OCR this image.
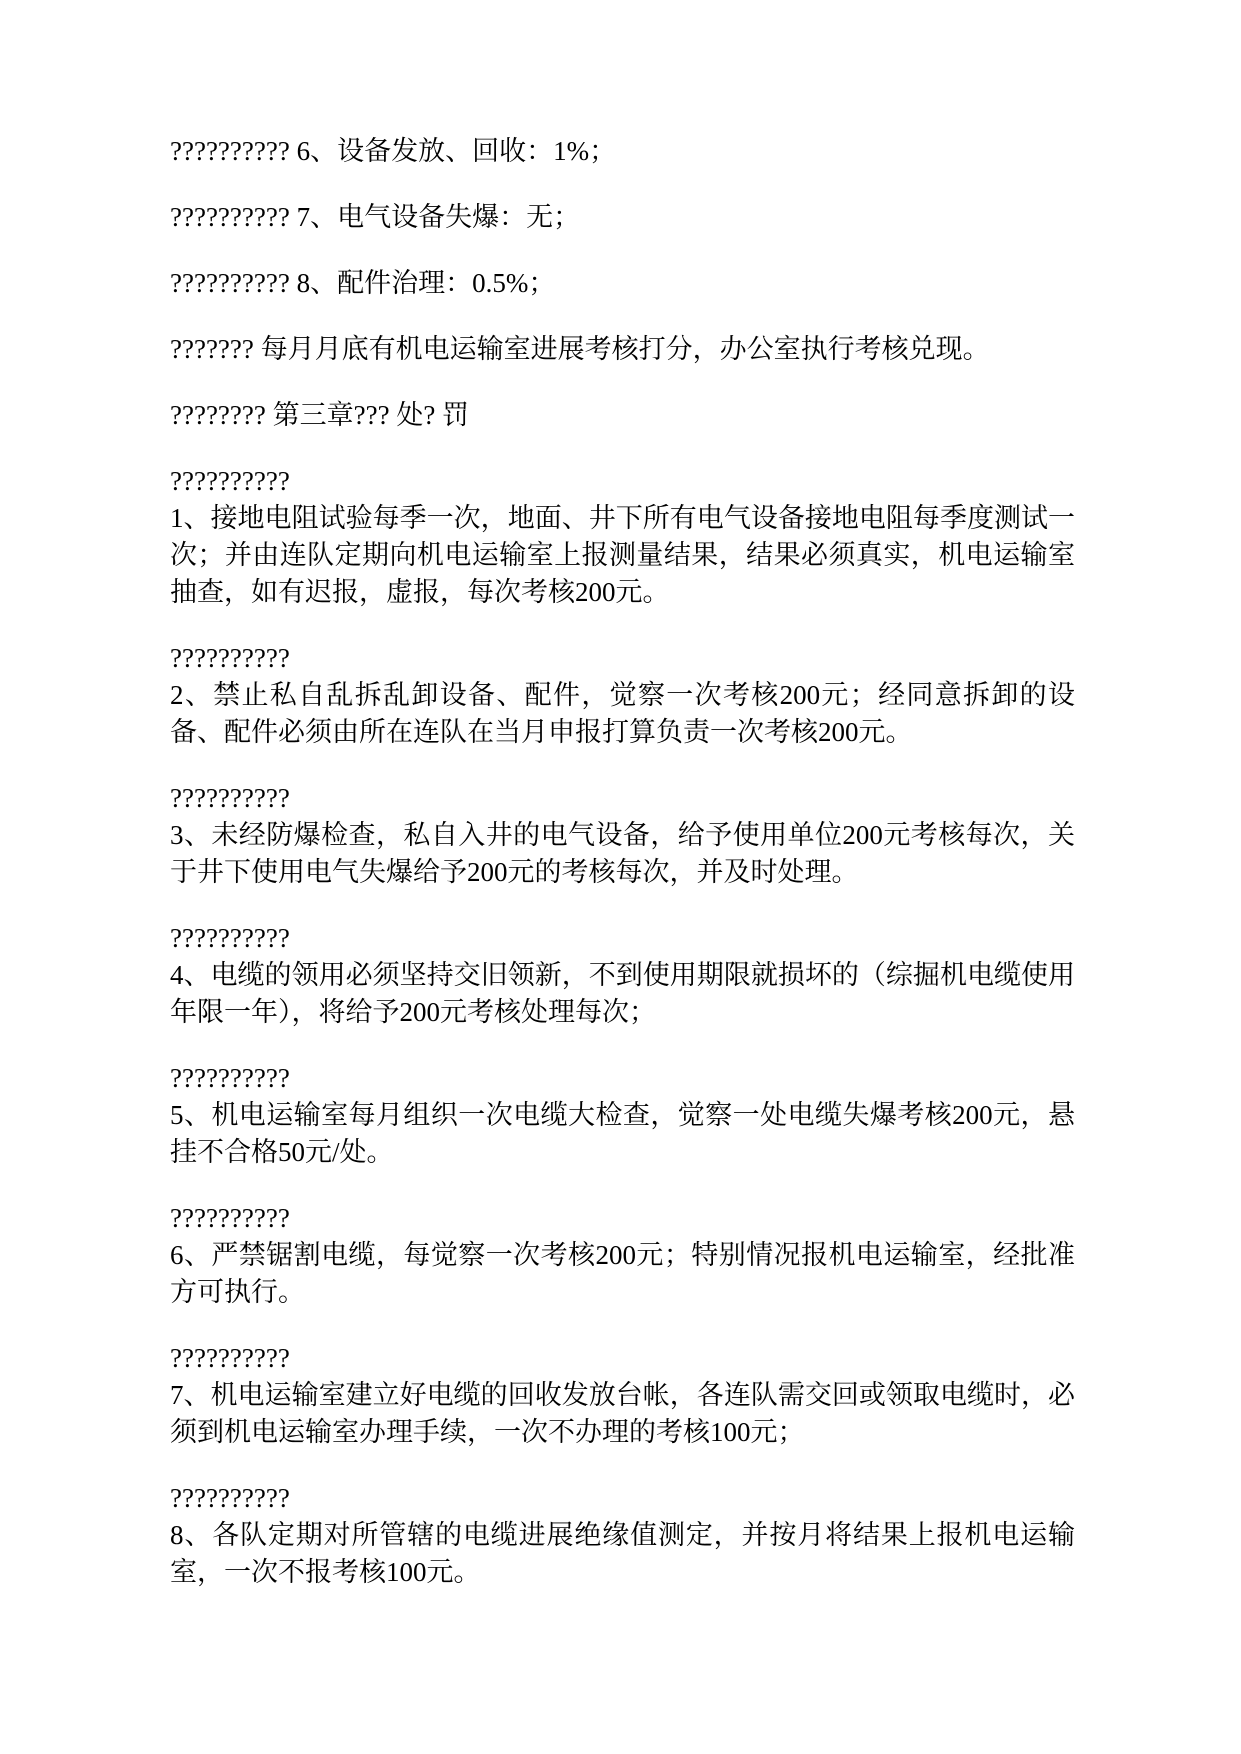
?????????? 6、设备发放、回收：1%；

?????????? 7、电气设备失爆：无；

?????????? 8、配件治理：0.5%；

??????? 每月月底有机电运输室进展考核打分，办公室执行考核兑现。

???????? 第三章??? 处? 罚

??????????
1、接地电阻试验每季一次，地面、井下所有电气设备接地电阻每季度测试一次；并由连队定期向机电运输室上报测量结果，结果必须真实，机电运输室抽查，如有迟报，虚报，每次考核200元。

??????????
2、禁止私自乱拆乱卸设备、配件，觉察一次考核200元；经同意拆卸的设备、配件必须由所在连队在当月申报打算负责一次考核200元。

??????????
3、未经防爆检查，私自入井的电气设备，给予使用单位200元考核每次，关于井下使用电气失爆给予200元的考核每次，并及时处理。

??????????
4、电缆的领用必须坚持交旧领新，不到使用期限就损坏的（综掘机电缆使用年限一年），将给予200元考核处理每次；

??????????
5、机电运输室每月组织一次电缆大检查，觉察一处电缆失爆考核200元，悬挂不合格50元/处。

??????????
6、严禁锯割电缆，每觉察一次考核200元；特别情况报机电运输室，经批准方可执行。

??????????
7、机电运输室建立好电缆的回收发放台帐，各连队需交回或领取电缆时，必须到机电运输室办理手续，一次不办理的考核100元；

??????????
8、各队定期对所管辖的电缆进展绝缘值测定，并按月将结果上报机电运输室，一次不报考核100元。
